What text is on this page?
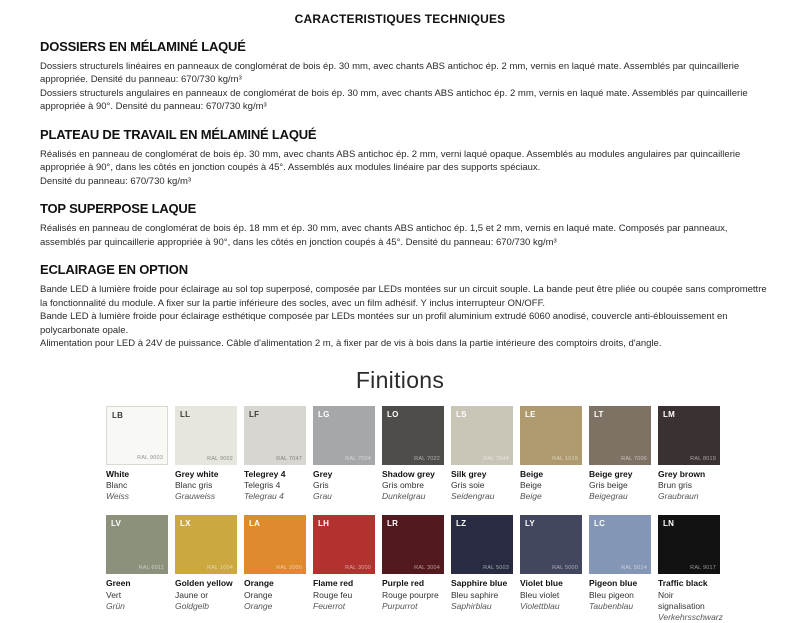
CARACTERISTIQUES TECHNIQUES
DOSSIERS EN MÉLAMINÉ LAQUÉ

Dossiers structurels linéaires en panneaux de conglomérat de bois ép. 30 mm, avec chants ABS antichoc ép. 2 mm, vernis en laqué mate. Assemblés par quincaillerie appropriée. Densité du panneau: 670/730 kg/m³

Dossiers structurels angulaires en panneaux de conglomérat de bois ép. 30 mm, avec chants ABS antichoc ép. 2 mm, vernis en laqué mate. Assemblés par quincaillerie appropriée à 90°. Densité du panneau: 670/730 kg/m³

PLATEAU DE TRAVAIL EN MÉLAMINÉ LAQUÉ

Réalisés en panneau de conglomérat de bois ép. 30 mm, avec chants ABS antichoc ép. 2 mm, verni laqué opaque. Assemblés au modules angulaires par quincaillerie appropriée à 90°, dans les côtés en jonction coupés à 45°. Assemblés aux modules linéaire par des supports spéciaux.

Densité du panneau: 670/730 kg/m³

TOP SUPERPOSE LAQUE

Réalisés en panneau de conglomérat de bois ép. 18 mm et ép. 30 mm, avec chants ABS antichoc ép. 1,5 et 2 mm, vernis en laqué mate. Composés par panneaux, assemblés par quincaillerie appropriée à 90°, dans les côtés en jonction coupés à 45°. Densité du panneau: 670/730 kg/m³

ECLAIRAGE EN OPTION

Bande LED à lumière froide pour éclairage au sol top superposé, composée par LEDs montées sur un circuit souple. La bande peut être pliée ou coupée sans compromettre la fonctionnalité du module. A fixer sur la partie inférieure des socles, avec un film adhésif. Y inclus interrupteur ON/OFF.

Bande LED à lumière froide pour éclairage esthétique composée par LEDs montées sur un profil aluminium extrudé 6060 anodisé, couvercle anti-éblouissement en polycarbonate opale.

Alimentation pour LED à 24V de puissance. Câble d'alimentation 2 m, à fixer par de vis à bois dans la partie intérieure des comptoirs droits, d'angle.

Finitions
LB
RAL 9003
White
Blanc
Weiss
LL
RAL 9002
Grey white
Blanc gris
Grauweiss
LF
RAL 7047
Telegrey 4
Telegris 4
Telegrau 4
LG
RAL 7004
Grey
Gris
Grau
LO
RAL 7022
Shadow grey
Gris ombre
Dunkelgrau
LS
RAL 7044
Silk grey
Gris soie
Seidengrau
LE
RAL 1019
Beige
Beige
Beige
LT
RAL 7006
Beige grey
Gris beige
Beigegrau
LM
RAL 8019
Grey brown
Brun gris
Graubraun
LV
RAL 6011
Green
Vert
Grün
LX
RAL 1004
Golden yellow
Jaune or
Goldgelb
LA
RAL 2000
Orange
Orange
Orange
LH
RAL 3000
Flame red
Rouge feu
Feuerrot
LR
RAL 3004
Purple red
Rouge pourpre
Purpurrot
LZ
RAL 5003
Sapphire blue
Bleu saphire
Saphirblau
LY
RAL 5000
Violet blue
Bleu violet
Violettblau
LC
RAL 5014
Pigeon blue
Bleu pigeon
Taubenblau
LN
RAL 9017
Traffic black
Noir signalisation
Verkehrsschwarz
